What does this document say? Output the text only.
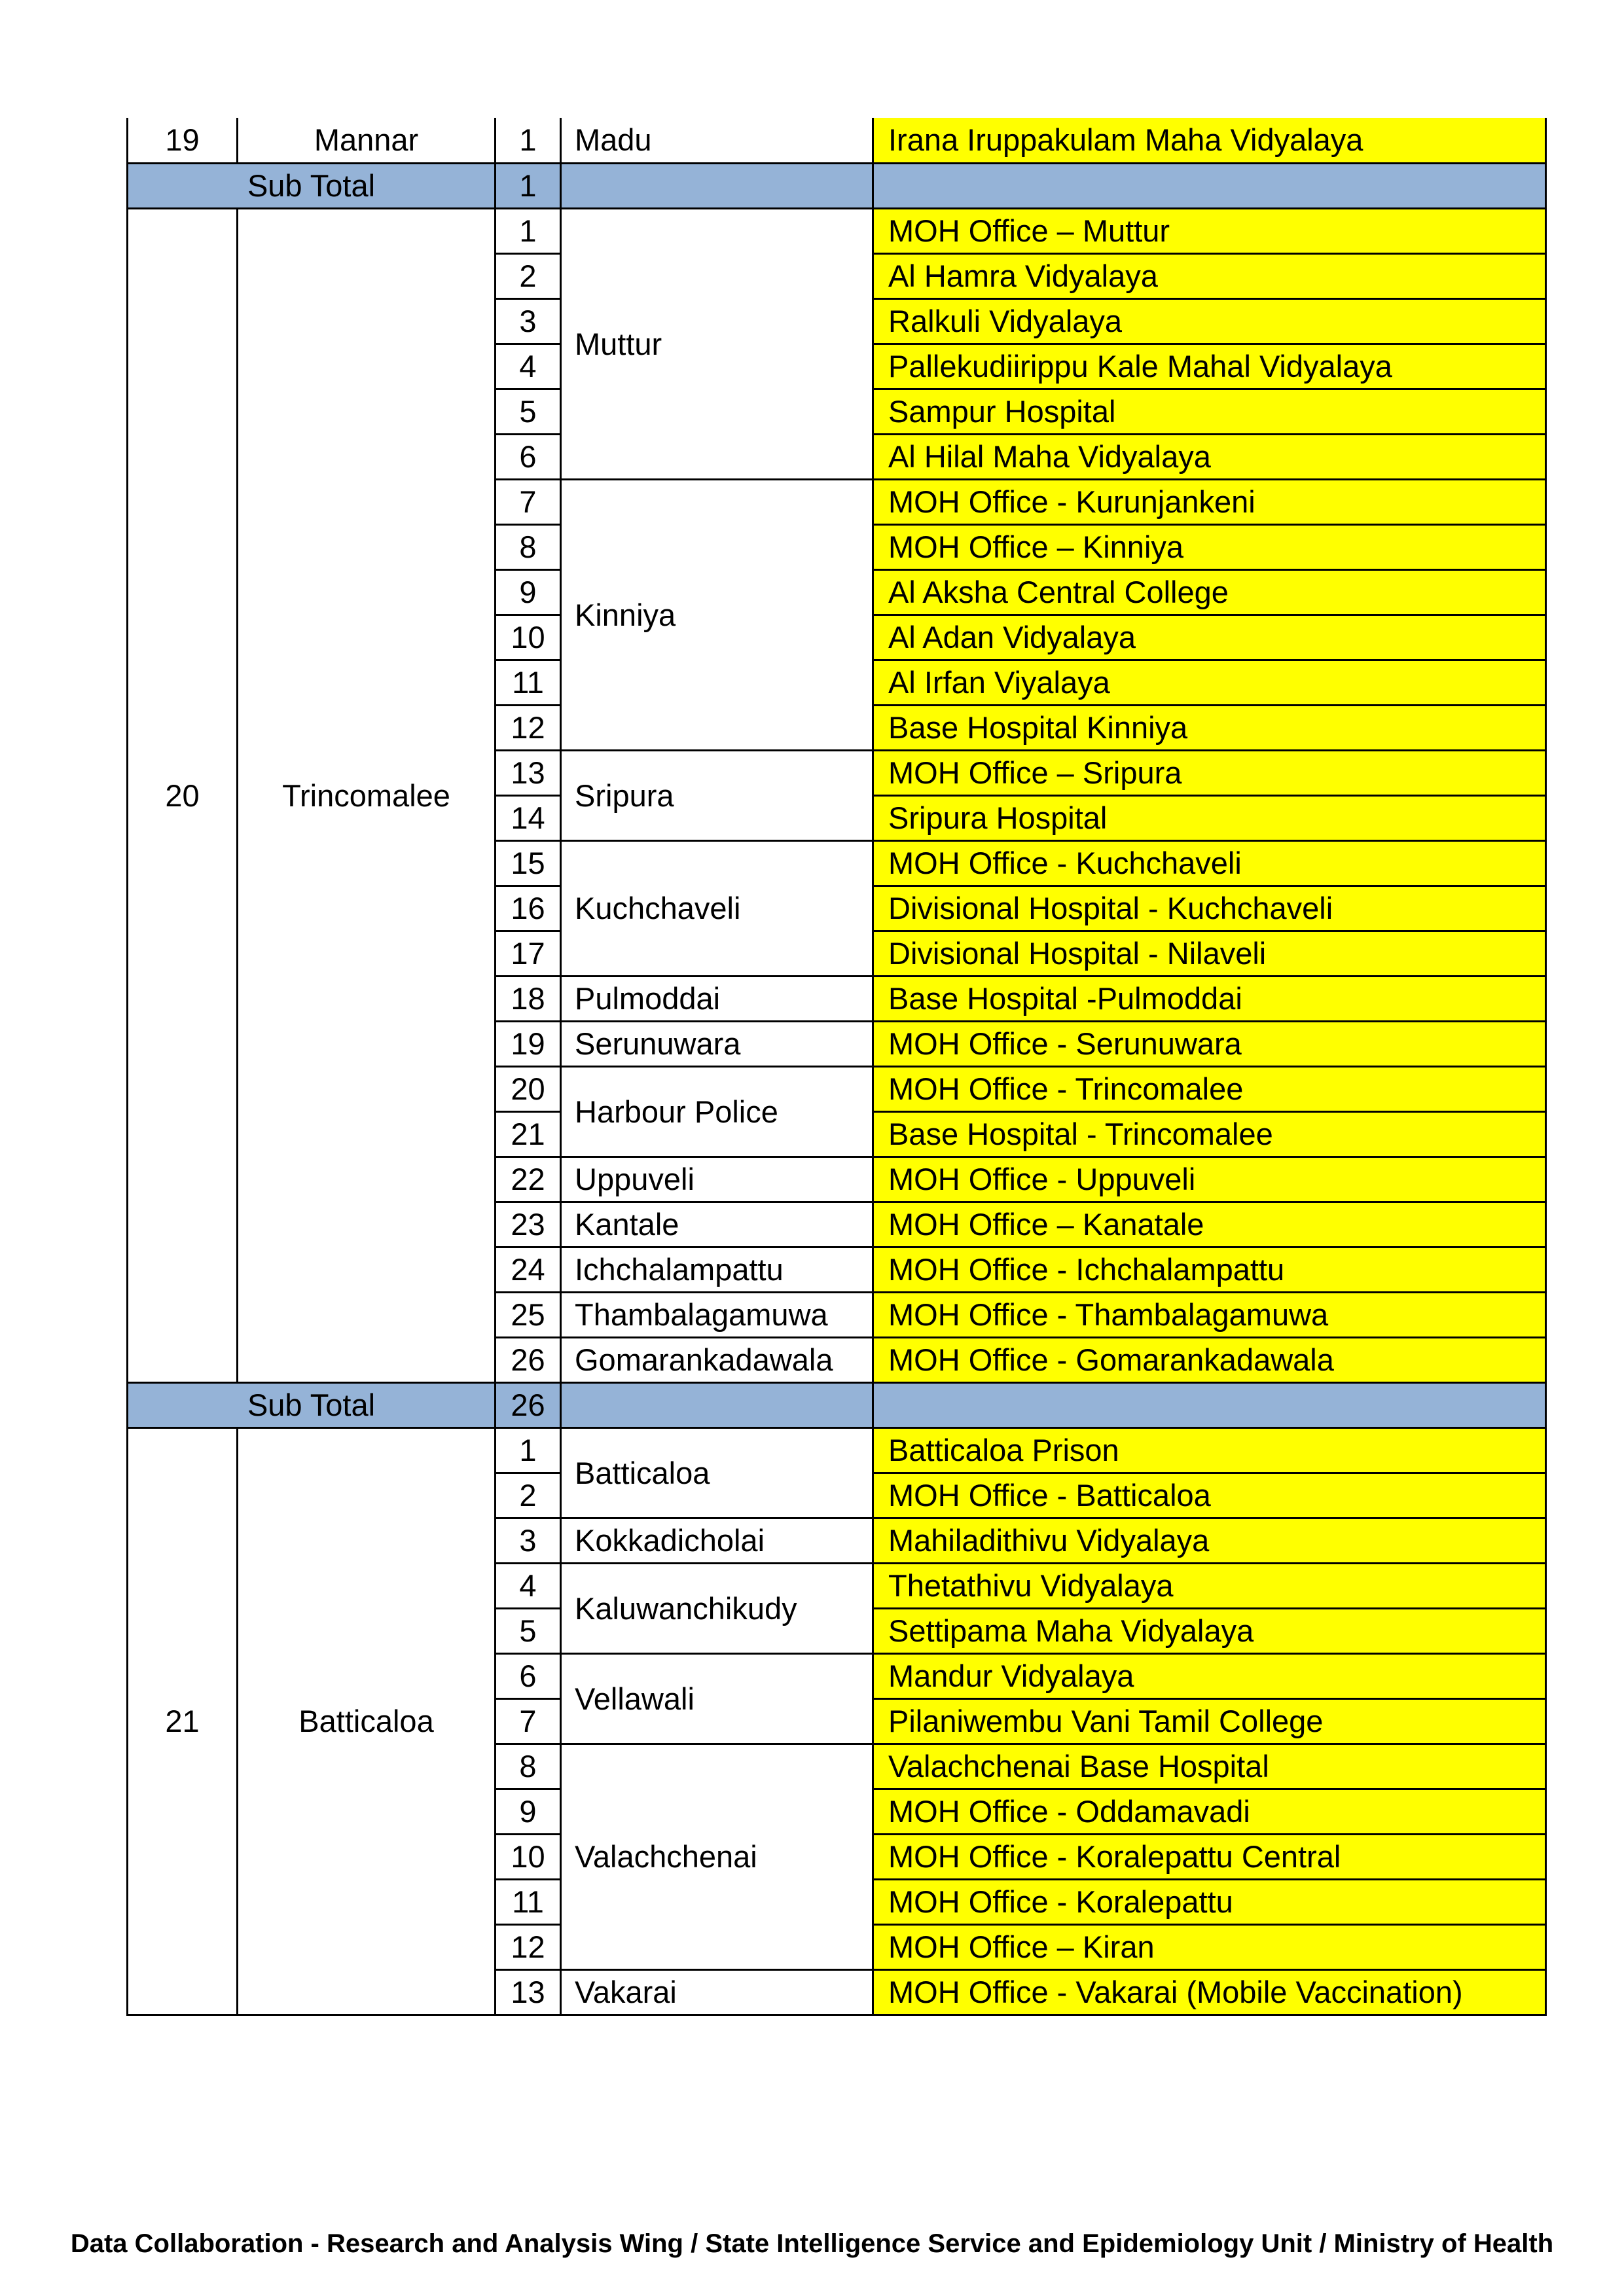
19	Mannar	1	Madu	Irana Iruppakulam Maha Vidyalaya
Sub Total		1		
20	Trincomalee	1	Muttur	MOH Office – Muttur
		2		Al Hamra Vidyalaya
		3		Ralkuli Vidyalaya
		4		Pallekudiirippu Kale Mahal Vidyalaya
		5		Sampur Hospital
		6		Al Hilal Maha Vidyalaya
		7	Kinniya	MOH Office - Kurunjankeni
		8		MOH Office – Kinniya
		9		Al Aksha Central College
		10		Al Adan Vidyalaya
		11		Al Irfan Viyalaya
		12		Base Hospital Kinniya
		13	Sripura	MOH Office – Sripura
		14		Sripura Hospital
		15	Kuchchaveli	MOH Office - Kuchchaveli
		16		Divisional Hospital - Kuchchaveli
		17		Divisional Hospital - Nilaveli
		18	Pulmoddai	Base Hospital -Pulmoddai
		19	Serunuwara	MOH Office - Serunuwara
		20	Harbour Police	MOH Office - Trincomalee
		21		Base Hospital - Trincomalee
		22	Uppuveli	MOH Office - Uppuveli
		23	Kantale	MOH Office – Kanatale
		24	Ichchalampattu	MOH Office - Ichchalampattu
		25	Thambalagamuwa	MOH Office - Thambalagamuwa
		26	Gomarankadawala	MOH Office - Gomarankadawala
Sub Total		26		
21	Batticaloa	1	Batticaloa	Batticaloa Prison
		2		MOH Office - Batticaloa
		3	Kokkadicholai	Mahiladithivu Vidyalaya
		4	Kaluwanchikudy	Thetathivu Vidyalaya
		5		Settipama Maha Vidyalaya
		6	Vellawali	Mandur Vidyalaya
		7		Pilaniwembu Vani Tamil College
		8	Valachchenai	Valachchenai Base Hospital
		9		MOH Office - Oddamavadi
		10		MOH Office - Koralepattu Central
		11		MOH Office - Koralepattu
		12		MOH Office – Kiran
		13	Vakarai	MOH Office - Vakarai (Mobile Vaccination)
Data Collaboration - Research and Analysis Wing / State Intelligence Service and Epidemiology Unit / Ministry of Health
